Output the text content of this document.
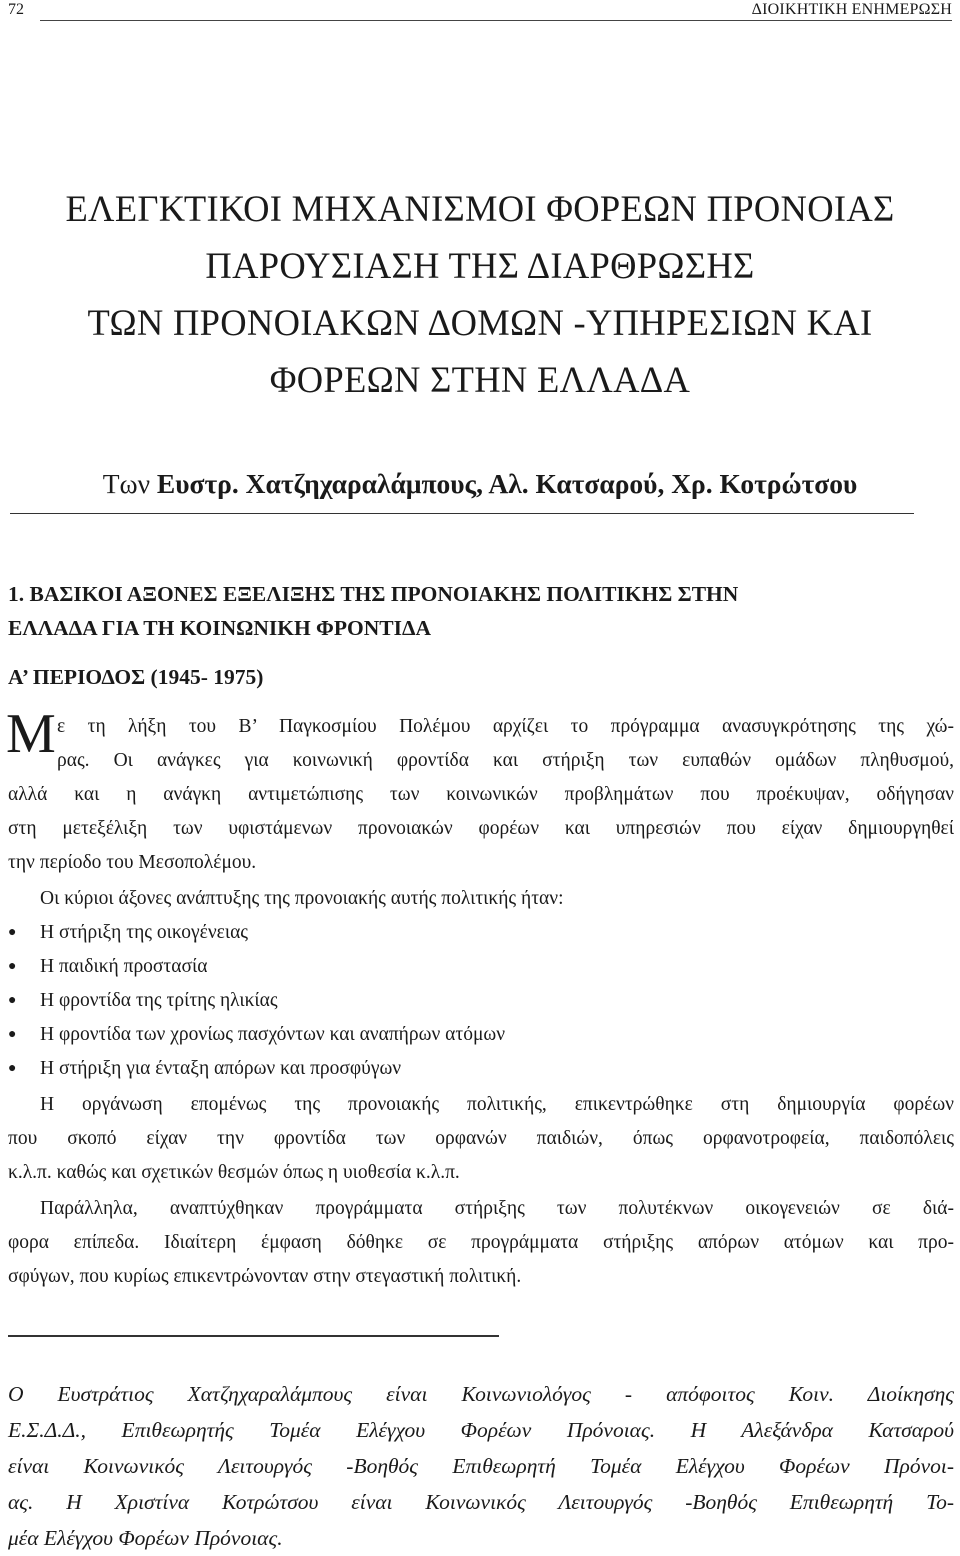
72	ΔΙΟΙΚΗΤΙΚΗ ΕΝΗΜΕΡΩΣΗ
ΕΛΕΓΚΤΙΚΟΙ ΜΗΧΑΝΙΣΜΟΙ ΦΟΡΕΩΝ ΠΡΟΝΟΙΑΣ
ΠΑΡΟΥΣΙΑΣΗ ΤΗΣ ΔΙΑΡΘΡΩΣΗΣ
ΤΩΝ ΠΡΟΝΟΙΑΚΩΝ ΔΟΜΩΝ -ΥΠΗΡΕΣΙΩΝ ΚΑΙ
ΦΟΡΕΩΝ ΣΤΗΝ ΕΛΛΑΔΑ
Των Ευστρ. Χατζηχαραλάμπους, Αλ. Κατσαρού, Χρ. Κοτρώτσου
1. ΒΑΣΙΚΟΙ ΑΞΟΝΕΣ ΕΞΕΛΙΞΗΣ ΤΗΣ ΠΡΟΝΟΙΑΚΗΣ ΠΟΛΙΤΙΚΗΣ ΣΤΗΝ
ΕΛΛΑΔΑ ΓΙΑ ΤΗ ΚΟΙΝΩΝΙΚΗ ΦΡΟΝΤΙΔΑ
Α’ ΠΕΡΙΟΔΟΣ (1945- 1975)
Μ ε τη λήξη του Β’ Παγκοσμίου Πολέμου αρχίζει το πρόγραμμα ανασυγκρότησης της χώ-
ρας. Οι ανάγκες για κοινωνική φροντίδα και στήριξη των ευπαθών ομάδων πληθυσμού,
αλλά και η ανάγκη αντιμετώπισης των κοινωνικών προβλημάτων που προέκυψαν, οδήγησαν
στη μετεξέλιξη των υφιστάμενων προνοιακών φορέων και υπηρεσιών που είχαν δημιουργηθεί
την περίοδο του Μεσοπολέμου.
Οι κύριοι άξονες ανάπτυξης της προνοιακής αυτής πολιτικής ήταν:
● Η στήριξη της οικογένειας
● Η παιδική προστασία
● Η φροντίδα της τρίτης ηλικίας
● Η φροντίδα των χρονίως πασχόντων και αναπήρων ατόμων
● Η στήριξη για ένταξη απόρων και προσφύγων
Η οργάνωση επομένως της προνοιακής πολιτικής, επικεντρώθηκε στη δημιουργία φορέων
που σκοπό είχαν την φροντίδα των ορφανών παιδιών, όπως ορφανοτροφεία, παιδοπόλεις
κ.λ.π. καθώς και σχετικών θεσμών όπως η υιοθεσία κ.λ.π.
Παράλληλα, αναπτύχθηκαν προγράμματα στήριξης των πολυτέκνων οικογενειών σε διά-
φορα επίπεδα. Ιδιαίτερη έμφαση δόθηκε σε προγράμματα στήριξης απόρων ατόμων και προ-
σφύγων, που κυρίως επικεντρώνονταν στην στεγαστική πολιτική.
Ο Ευστράτιος Χατζηχαραλάμπους είναι Κοινωνιολόγος - απόφοιτος Κοιν. Διοίκησης
Ε.Σ.Δ.Δ., Επιθεωρητής Τομέα Ελέγχου Φορέων Πρόνοιας. Η Αλεξάνδρα Κατσαρού
είναι Κοινωνικός Λειτουργός -Βοηθός Επιθεωρητή Τομέα Ελέγχου Φορέων Πρόνοι-
ας. Η Χριστίνα Κοτρώτσου είναι Κοινωνικός Λειτουργός -Βοηθός Επιθεωρητή Το-
μέα Ελέγχου Φορέων Πρόνοιας.
